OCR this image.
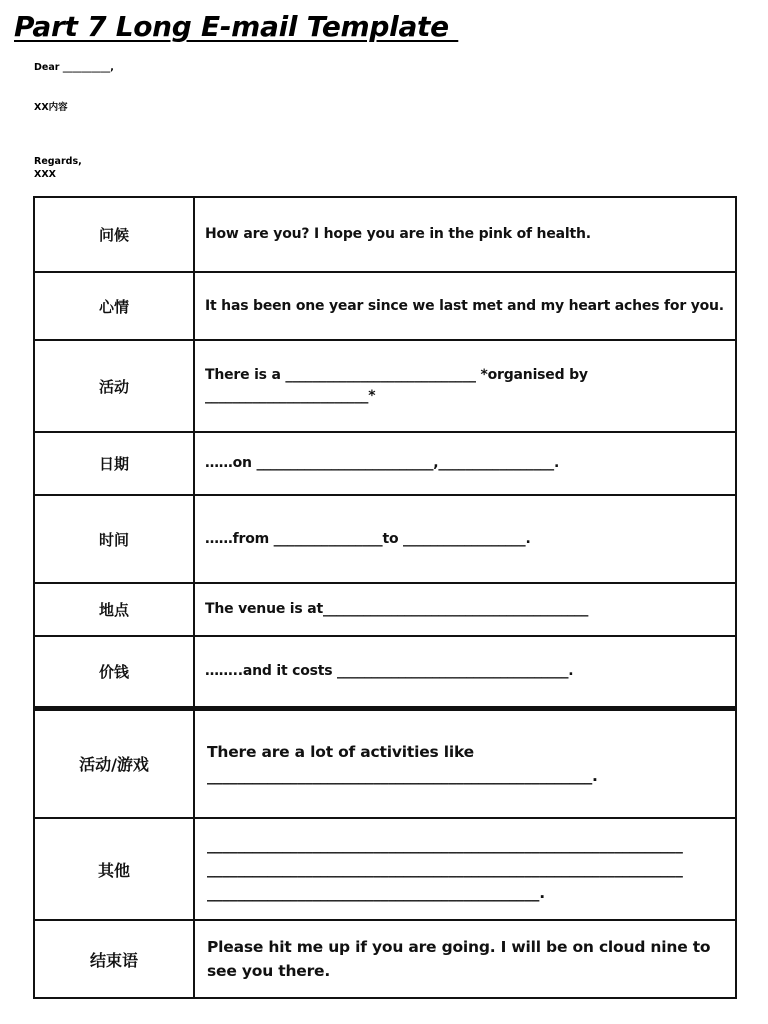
Part 7 Long E-mail Template
Dear __________,
XX内容
Regards,
XXX
问候	How are you? I hope you are in the pink of health.
心情	It has been one year since we last met and my heart aches for you.
活动	There is a ____________________________ *organised by ________________________*
日期	……on __________________________,_________________.
时间	……from ________________to __________________.
地点	The venue is at_______________________________________
价钱	……..and it costs __________________________________.
活动/游戏	There are a lot of activities like ___________________________________________________.
其他	_______________________________________________________________ _______________________________________________________________ ____________________________________________.
结束语	Please hit me up if you are going. I will be on cloud nine to see you there.
